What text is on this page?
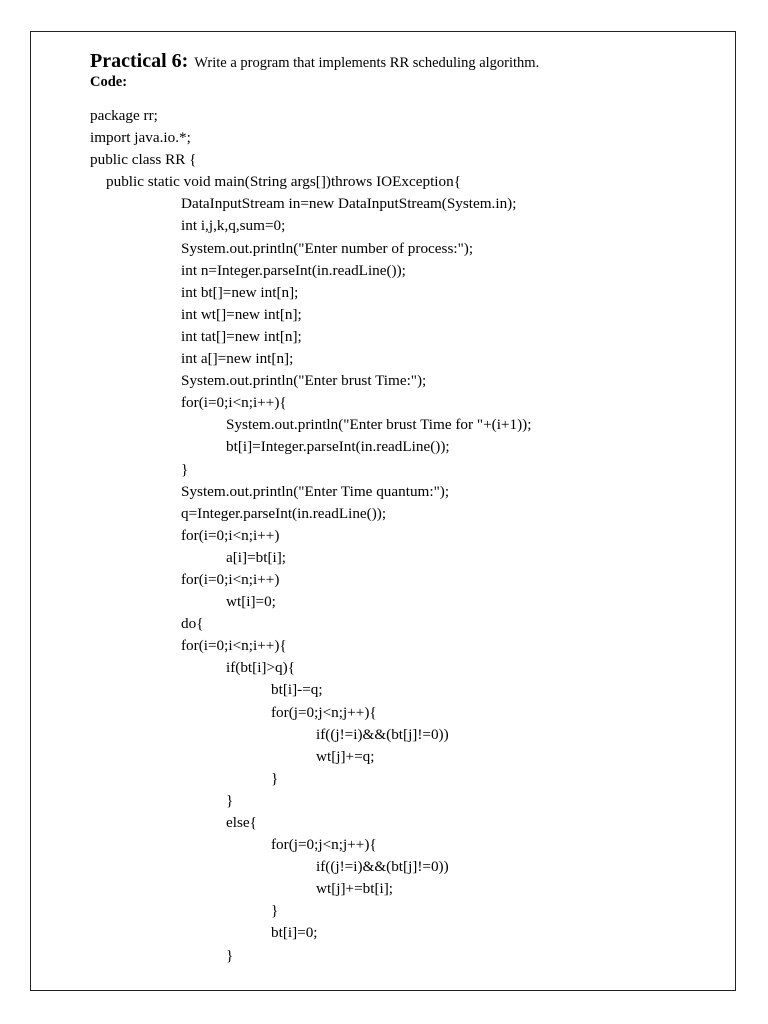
Practical 6: Write a program that implements RR scheduling algorithm.
Code:
package rr;
import java.io.*;
public class RR {
public static void main(String args[])throws IOException{
DataInputStream in=new DataInputStream(System.in);
int i,j,k,q,sum=0;
System.out.println("Enter number of process:");
int n=Integer.parseInt(in.readLine());
int bt[]=new int[n];
int wt[]=new int[n];
int tat[]=new int[n];
int a[]=new int[n];
System.out.println("Enter brust Time:");
for(i=0;i<n;i++){
System.out.println("Enter brust Time for "+(i+1));
bt[i]=Integer.parseInt(in.readLine());
}
System.out.println("Enter Time quantum:");
q=Integer.parseInt(in.readLine());
for(i=0;i<n;i++)
a[i]=bt[i];
for(i=0;i<n;i++)
wt[i]=0;
do{
for(i=0;i<n;i++){
if(bt[i]>q){
bt[i]-=q;
for(j=0;j<n;j++){
if((j!=i)&&(bt[j]!=0))
wt[j]+=q;
}
}
else{
for(j=0;j<n;j++){
if((j!=i)&&(bt[j]!=0))
wt[j]+=bt[i];
}
bt[i]=0;
}
